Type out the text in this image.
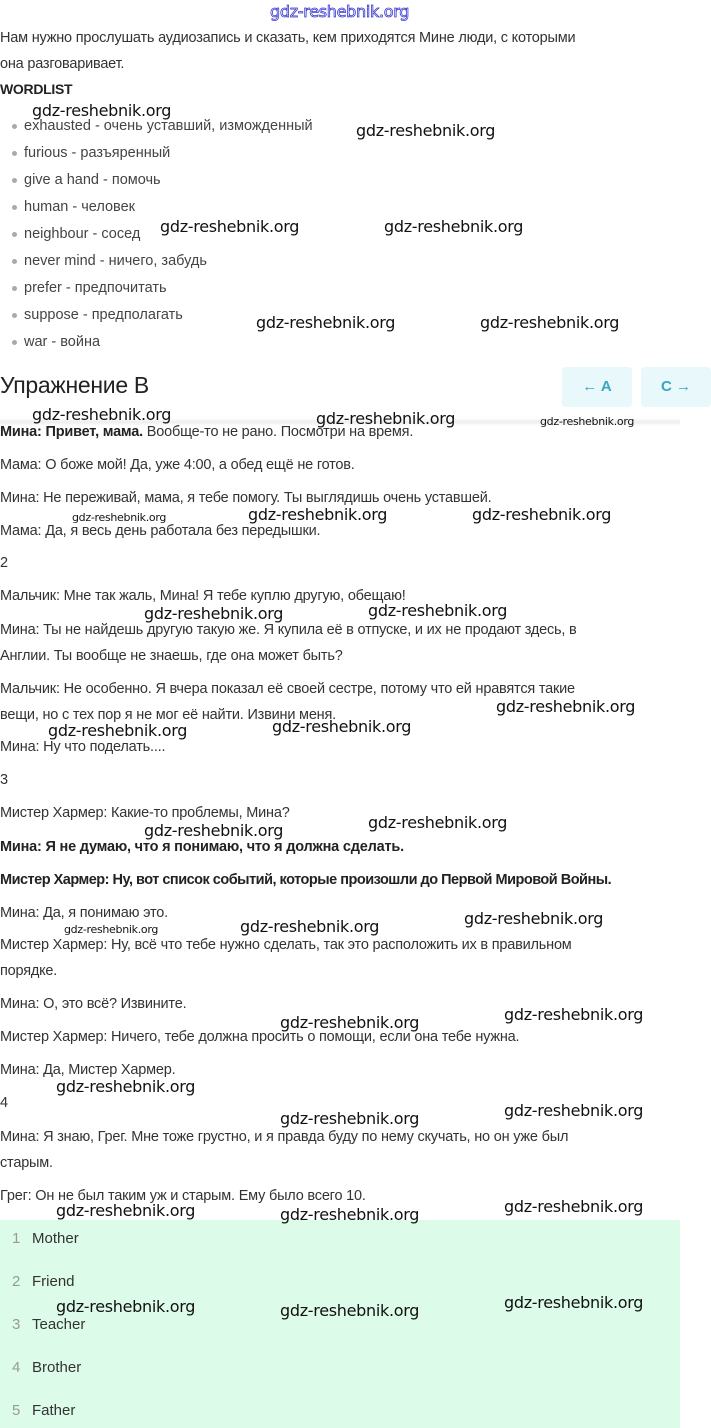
Нам нужно прослушать аудиозапись и сказать, кем приходятся Мине люди, с которыми
она разговаривает.
WORDLIST
exhausted - очень уставший, изможденный
furious - разъяренный
give a hand - помочь
human - человек
neighbour - сосед
never mind - ничего, забудь
prefer - предпочитать
suppose - предполагать
war - война
Упражнение B	← A	C →
Мина: Привет, мама. Вообще-то не рано. Посмотри на время.
Мама: О боже мой! Да, уже 4:00, а обед ещё не готов.
Мина: Не переживай, мама, я тебе помогу. Ты выглядишь очень уставшей.
Мама: Да, я весь день работала без передышки.
2
Мальчик: Мне так жаль, Мина! Я тебе куплю другую, обещаю!
Мина: Ты не найдешь другую такую же. Я купила её в отпуске, и их не продают здесь, в
Англии. Ты вообще не знаешь, где она может быть?
Мальчик: Не особенно. Я вчера показал её своей сестре, потому что ей нравятся такие
вещи, но с тех пор я не мог её найти. Извини меня.
Мина: Ну что поделать....
3
Мистер Хармер: Какие-то проблемы, Мина?
Мина: Я не думаю, что я понимаю, что я должна сделать.
Мистер Хармер: Ну, вот список событий, которые произошли до Первой Мировой Войны.
Мина: Да, я понимаю это.
Мистер Хармер: Ну, всё что тебе нужно сделать, так это расположить их в правильном
порядке.
Мина: О, это всё? Извините.
Мистер Хармер: Ничего, тебе должна просить о помощи, если она тебе нужна.
Мина: Да, Мистер Хармер.
4
Мина: Я знаю, Грег. Мне тоже грустно, и я правда буду по нему скучать, но он уже был
старым.
Грег: Он не был таким уж и старым. Ему было всего 10.
1 Mother
2 Friend
3 Teacher
4 Brother
5 Father
gdz-reshebnik.org
gdz-reshebnik.org
gdz-reshebnik.org
gdz-reshebnik.org	gdz-reshebnik.org
gdz-reshebnik.org	gdz-reshebnik.org
gdz-reshebnik.org	gdz-reshebnik.org	gdz-reshebnik.org
gdz-reshebnik.org	gdz-reshebnik.org	gdz-reshebnik.org
gdz-reshebnik.org	gdz-reshebnik.org
gdz-reshebnik.org
gdz-reshebnik.org	gdz-reshebnik.org
gdz-reshebnik.org	gdz-reshebnik.org
gdz-reshebnik.org	gdz-reshebnik.org	gdz-reshebnik.org
gdz-reshebnik.org	gdz-reshebnik.org
gdz-reshebnik.org
gdz-reshebnik.org	gdz-reshebnik.org
gdz-reshebnik.org	gdz-reshebnik.org	gdz-reshebnik.org
gdz-reshebnik.org	gdz-reshebnik.org	gdz-reshebnik.org
